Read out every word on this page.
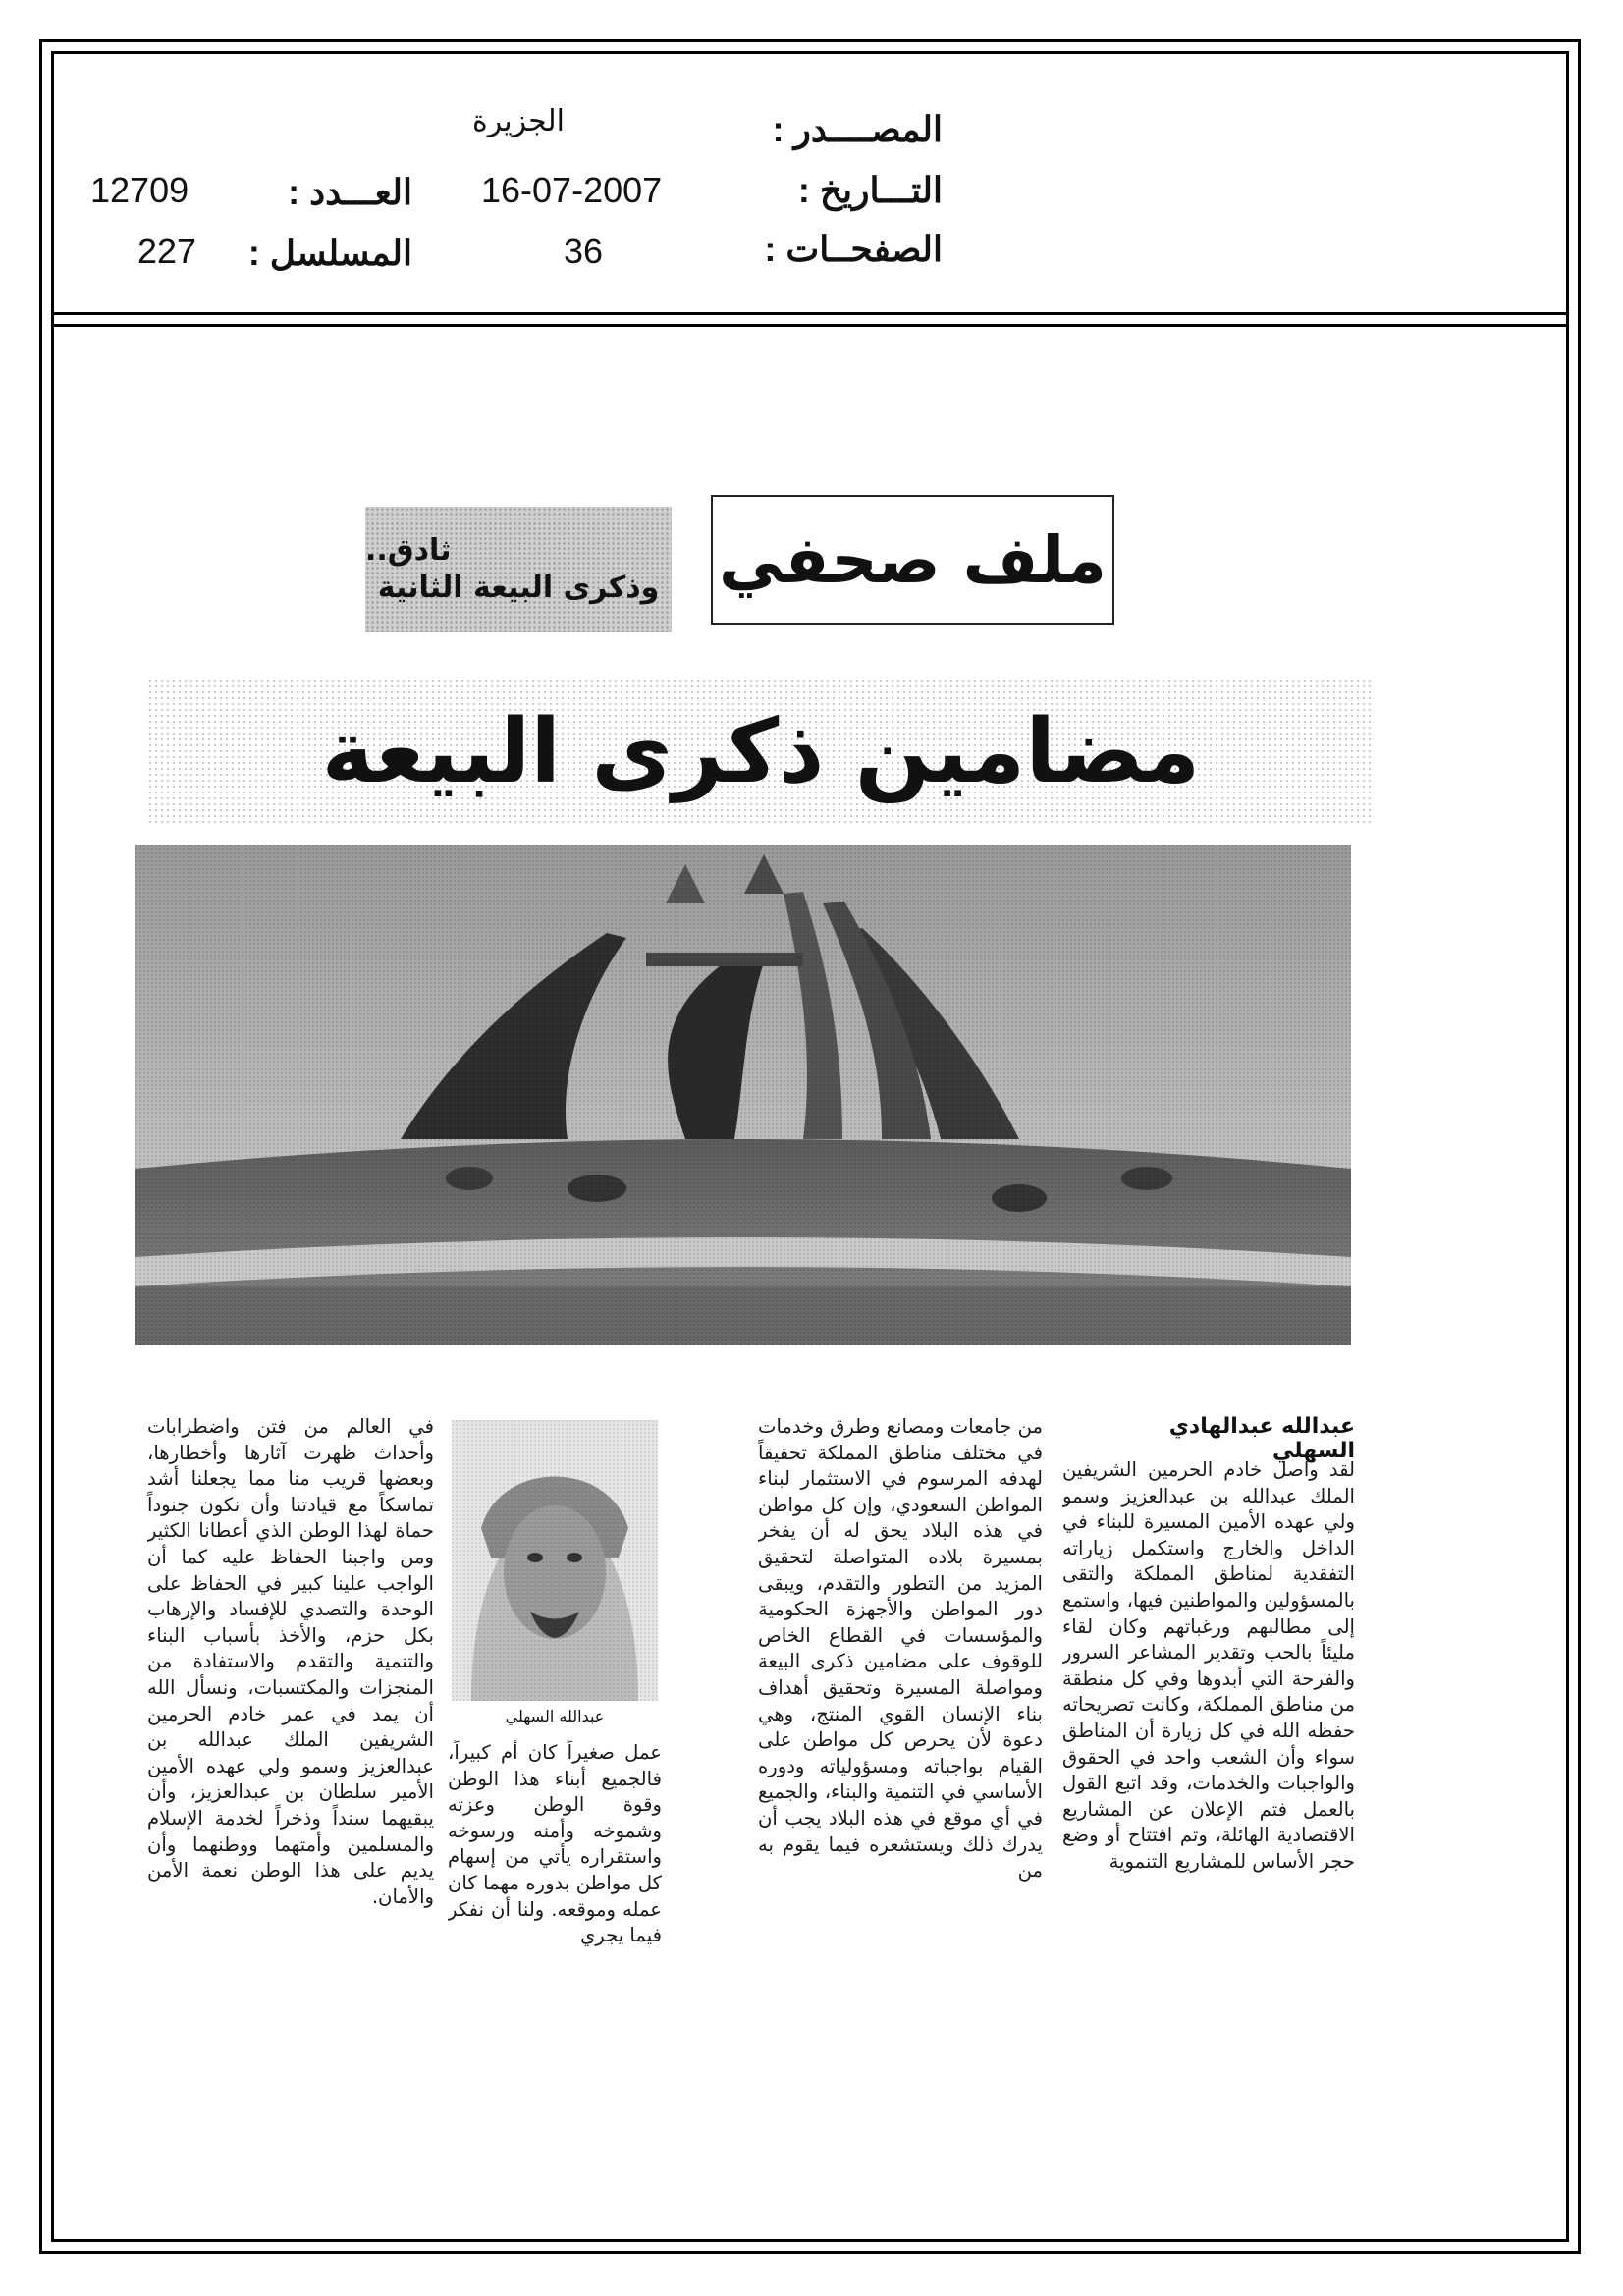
المصــــدر :
الجزيرة
التـــاريخ :
16-07-2007
العـــدد :
12709
الصفحــات :
36
المسلسل :
227
ملف صحفي
ثادق..
وذكرى البيعة الثانية
مضامين ذكرى البيعة
عبدالله عبدالهادي السهلي
لقد واصل خادم الحرمين الشريفين الملك عبدالله بن عبدالعزيز وسمو ولي عهده الأمين المسيرة للبناء في الداخل والخارج واستكمل زياراته التفقدية لمناطق المملكة والتقى بالمسؤولين والمواطنين فيها، واستمع إلى مطالبهم ورغباتهم وكان لقاء مليئاً بالحب وتقدير المشاعر السرور والفرحة التي أبدوها وفي كل منطقة من مناطق المملكة، وكانت تصريحاته حفظه الله في كل زيارة أن المناطق سواء وأن الشعب واحد في الحقوق والواجبات والخدمات، وقد اتبع القول بالعمل فتم الإعلان عن المشاريع الاقتصادية الهائلة، وتم افتتاح أو وضع حجر الأساس للمشاريع التنموية
من جامعات ومصانع وطرق وخدمات في مختلف مناطق المملكة تحقيقاً لهدفه المرسوم في الاستثمار لبناء المواطن السعودي، وإن كل مواطن في هذه البلاد يحق له أن يفخر بمسيرة بلاده المتواصلة لتحقيق المزيد من التطور والتقدم، ويبقى دور المواطن والأجهزة الحكومية والمؤسسات في القطاع الخاص للوقوف على مضامين ذكرى البيعة ومواصلة المسيرة وتحقيق أهداف بناء الإنسان القوي المنتج، وهي دعوة لأن يحرص كل مواطن على القيام بواجباته ومسؤولياته ودوره الأساسي في التنمية والبناء، والجميع في أي موقع في هذه البلاد يجب أن يدرك ذلك ويستشعره فيما يقوم به من
عبدالله السهلي
عمل صغيراً كان أم كبيراً، فالجميع أبناء هذا الوطن وقوة الوطن وعزته وشموخه وأمنه ورسوخه واستقراره يأتي من إسهام كل مواطن بدوره مهما كان عمله وموقعه. ولنا أن نفكر فيما يجري
في العالم من فتن واضطرابات وأحداث ظهرت آثارها وأخطارها، وبعضها قريب منا مما يجعلنا أشد تماسكاً مع قيادتنا وأن نكون جنوداً حماة لهذا الوطن الذي أعطانا الكثير ومن واجبنا الحفاظ عليه كما أن الواجب علينا كبير في الحفاظ على الوحدة والتصدي للإفساد والإرهاب بكل حزم، والأخذ بأسباب البناء والتنمية والتقدم والاستفادة من المنجزات والمكتسبات، ونسأل الله أن يمد في عمر خادم الحرمين الشريفين الملك عبدالله بن عبدالعزيز وسمو ولي عهده الأمين الأمير سلطان بن عبدالعزيز، وأن يبقيهما سنداً وذخراً لخدمة الإسلام والمسلمين وأمتهما ووطنهما وأن يديم على هذا الوطن نعمة الأمن والأمان.
